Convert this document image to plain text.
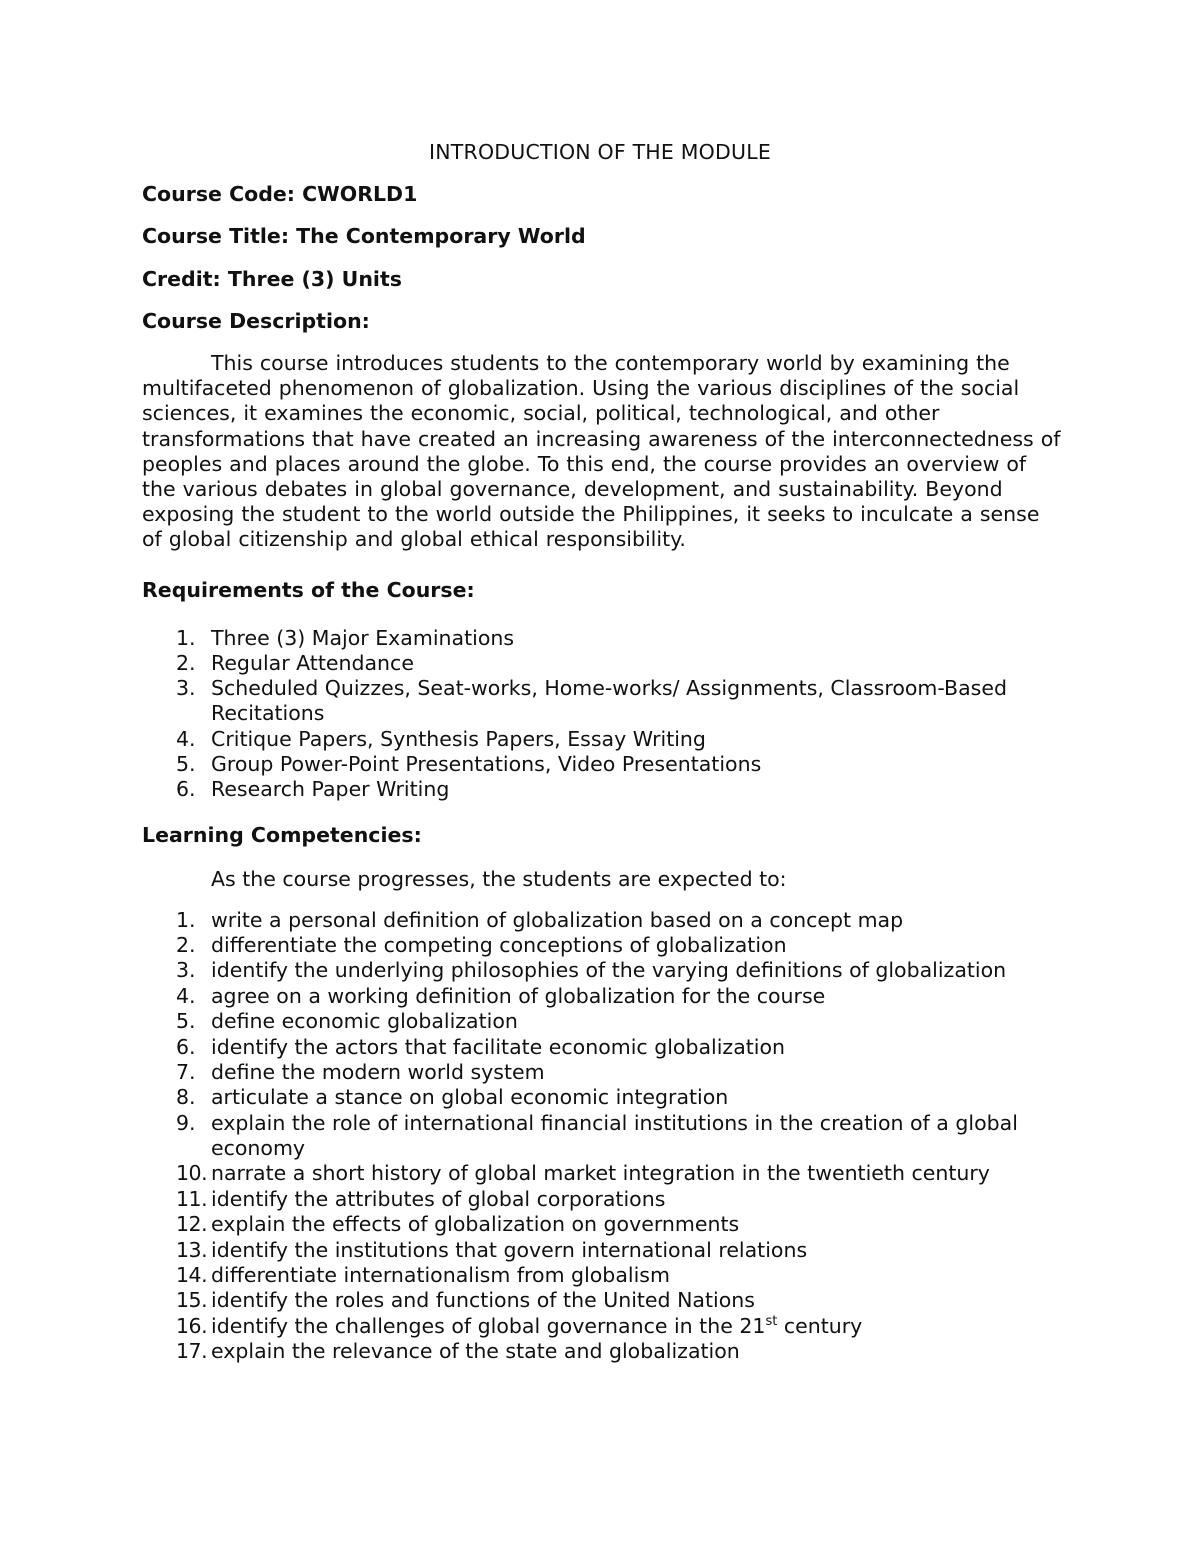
INTRODUCTION OF THE MODULE
Course Code: CWORLD1
Course Title: The Contemporary World
Credit: Three (3) Units
Course Description:

This course introduces students to the contemporary world by examining the multifaceted phenomenon of globalization. Using the various disciplines of the social sciences, it examines the economic, social, political, technological, and other transformations that have created an increasing awareness of the interconnectedness of peoples and places around the globe. To this end, the course provides an overview of the various debates in global governance, development, and sustainability. Beyond exposing the student to the world outside the Philippines, it seeks to inculcate a sense of global citizenship and global ethical responsibility.

Requirements of the Course:
1. Three (3) Major Examinations
2. Regular Attendance
3. Scheduled Quizzes, Seat-works, Home-works/ Assignments, Classroom-Based Recitations
4. Critique Papers, Synthesis Papers, Essay Writing
5. Group Power-Point Presentations, Video Presentations
6. Research Paper Writing
Learning Competencies:
As the course progresses, the students are expected to:
1. write a personal definition of globalization based on a concept map
2. differentiate the competing conceptions of globalization
3. identify the underlying philosophies of the varying definitions of globalization
4. agree on a working definition of globalization for the course
5. define economic globalization
6. identify the actors that facilitate economic globalization
7. define the modern world system
8. articulate a stance on global economic integration
9. explain the role of international financial institutions in the creation of a global economy
10. narrate a short history of global market integration in the twentieth century
11. identify the attributes of global corporations
12. explain the effects of globalization on governments
13. identify the institutions that govern international relations
14. differentiate internationalism from globalism
15. identify the roles and functions of the United Nations
16. identify the challenges of global governance in the 21st century
17. explain the relevance of the state and globalization
